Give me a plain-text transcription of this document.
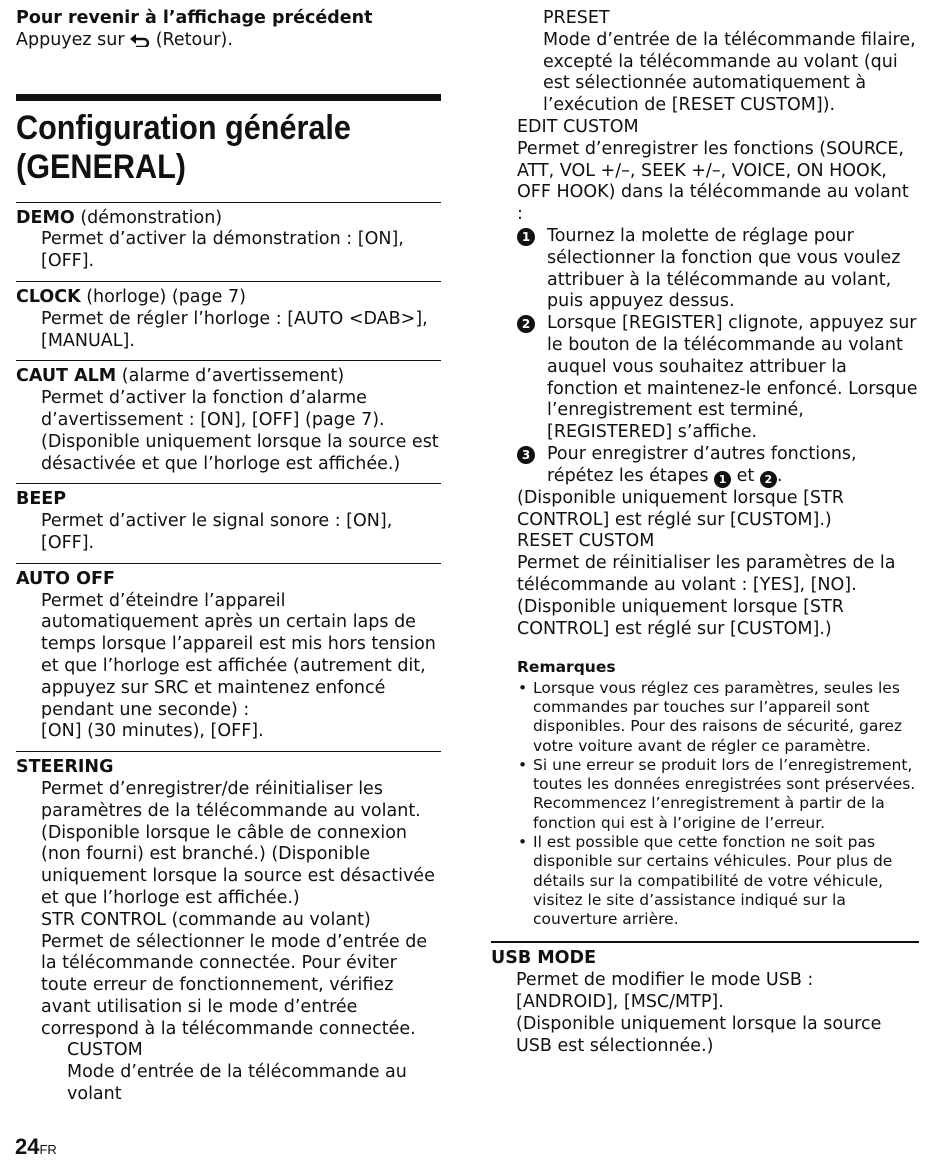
Pour revenir à l’affichage précédent

Appuyez sur  (Retour).

Configuration générale
(GENERAL)

DEMO (démonstration)

Permet d’activer la démonstration : [ON], [OFF].

CLOCK (horloge) (page 7)

Permet de régler l’horloge : [AUTO <DAB>], [MANUAL].

CAUT ALM (alarme d’avertissement)

Permet d’activer la fonction d’alarme d’avertissement : [ON], [OFF] (page 7).

(Disponible uniquement lorsque la source est désactivée et que l’horloge est affichée.)

BEEP

Permet d’activer le signal sonore : [ON], [OFF].

AUTO OFF

Permet d’éteindre l’appareil automatiquement après un certain laps de temps lorsque l’appareil est mis hors tension et que l’horloge est affichée (autrement dit, appuyez sur SRC et maintenez enfoncé pendant une seconde) :

[ON] (30 minutes), [OFF].

STEERING

Permet d’enregistrer/de réinitialiser les paramètres de la télécommande au volant. (Disponible lorsque le câble de connexion (non fourni) est branché.) (Disponible uniquement lorsque la source est désactivée et que l’horloge est affichée.)

STR CONTROL (commande au volant)

Permet de sélectionner le mode d’entrée de la télécommande connectée. Pour éviter toute erreur de fonctionnement, vérifiez avant utilisation si le mode d’entrée correspond à la télécommande connectée.

CUSTOM

Mode d’entrée de la télécommande au volant

PRESET

Mode d’entrée de la télécommande filaire, excepté la télécommande au volant (qui est sélectionnée automatiquement à l’exécution de [RESET CUSTOM]).

EDIT CUSTOM

Permet d’enregistrer les fonctions (SOURCE, ATT, VOL +/–, SEEK +/–, VOICE, ON HOOK, OFF HOOK) dans la télécommande au volant :

1 Tournez la molette de réglage pour sélectionner la fonction que vous voulez attribuer à la télécommande au volant, puis appuyez dessus.
2 Lorsque [REGISTER] clignote, appuyez sur le bouton de la télécommande au volant auquel vous souhaitez attribuer la fonction et maintenez-le enfoncé. Lorsque l’enregistrement est terminé, [REGISTERED] s’affiche.
3 Pour enregistrer d’autres fonctions, répétez les étapes 1 et 2 .

(Disponible uniquement lorsque [STR CONTROL] est réglé sur [CUSTOM].)

RESET CUSTOM

Permet de réinitialiser les paramètres de la télécommande au volant : [YES], [NO].

(Disponible uniquement lorsque [STR CONTROL] est réglé sur [CUSTOM].)

Remarques

• Lorsque vous réglez ces paramètres, seules les commandes par touches sur l’appareil sont disponibles. Pour des raisons de sécurité, garez votre voiture avant de régler ce paramètre.
• Si une erreur se produit lors de l’enregistrement, toutes les données enregistrées sont préservées. Recommencez l’enregistrement à partir de la fonction qui est à l’origine de l’erreur.
• Il est possible que cette fonction ne soit pas disponible sur certains véhicules. Pour plus de détails sur la compatibilité de votre véhicule, visitez le site d’assistance indiqué sur la couverture arrière.

USB MODE

Permet de modifier le mode USB : [ANDROID], [MSC/MTP].

(Disponible uniquement lorsque la source USB est sélectionnée.)

24FR
